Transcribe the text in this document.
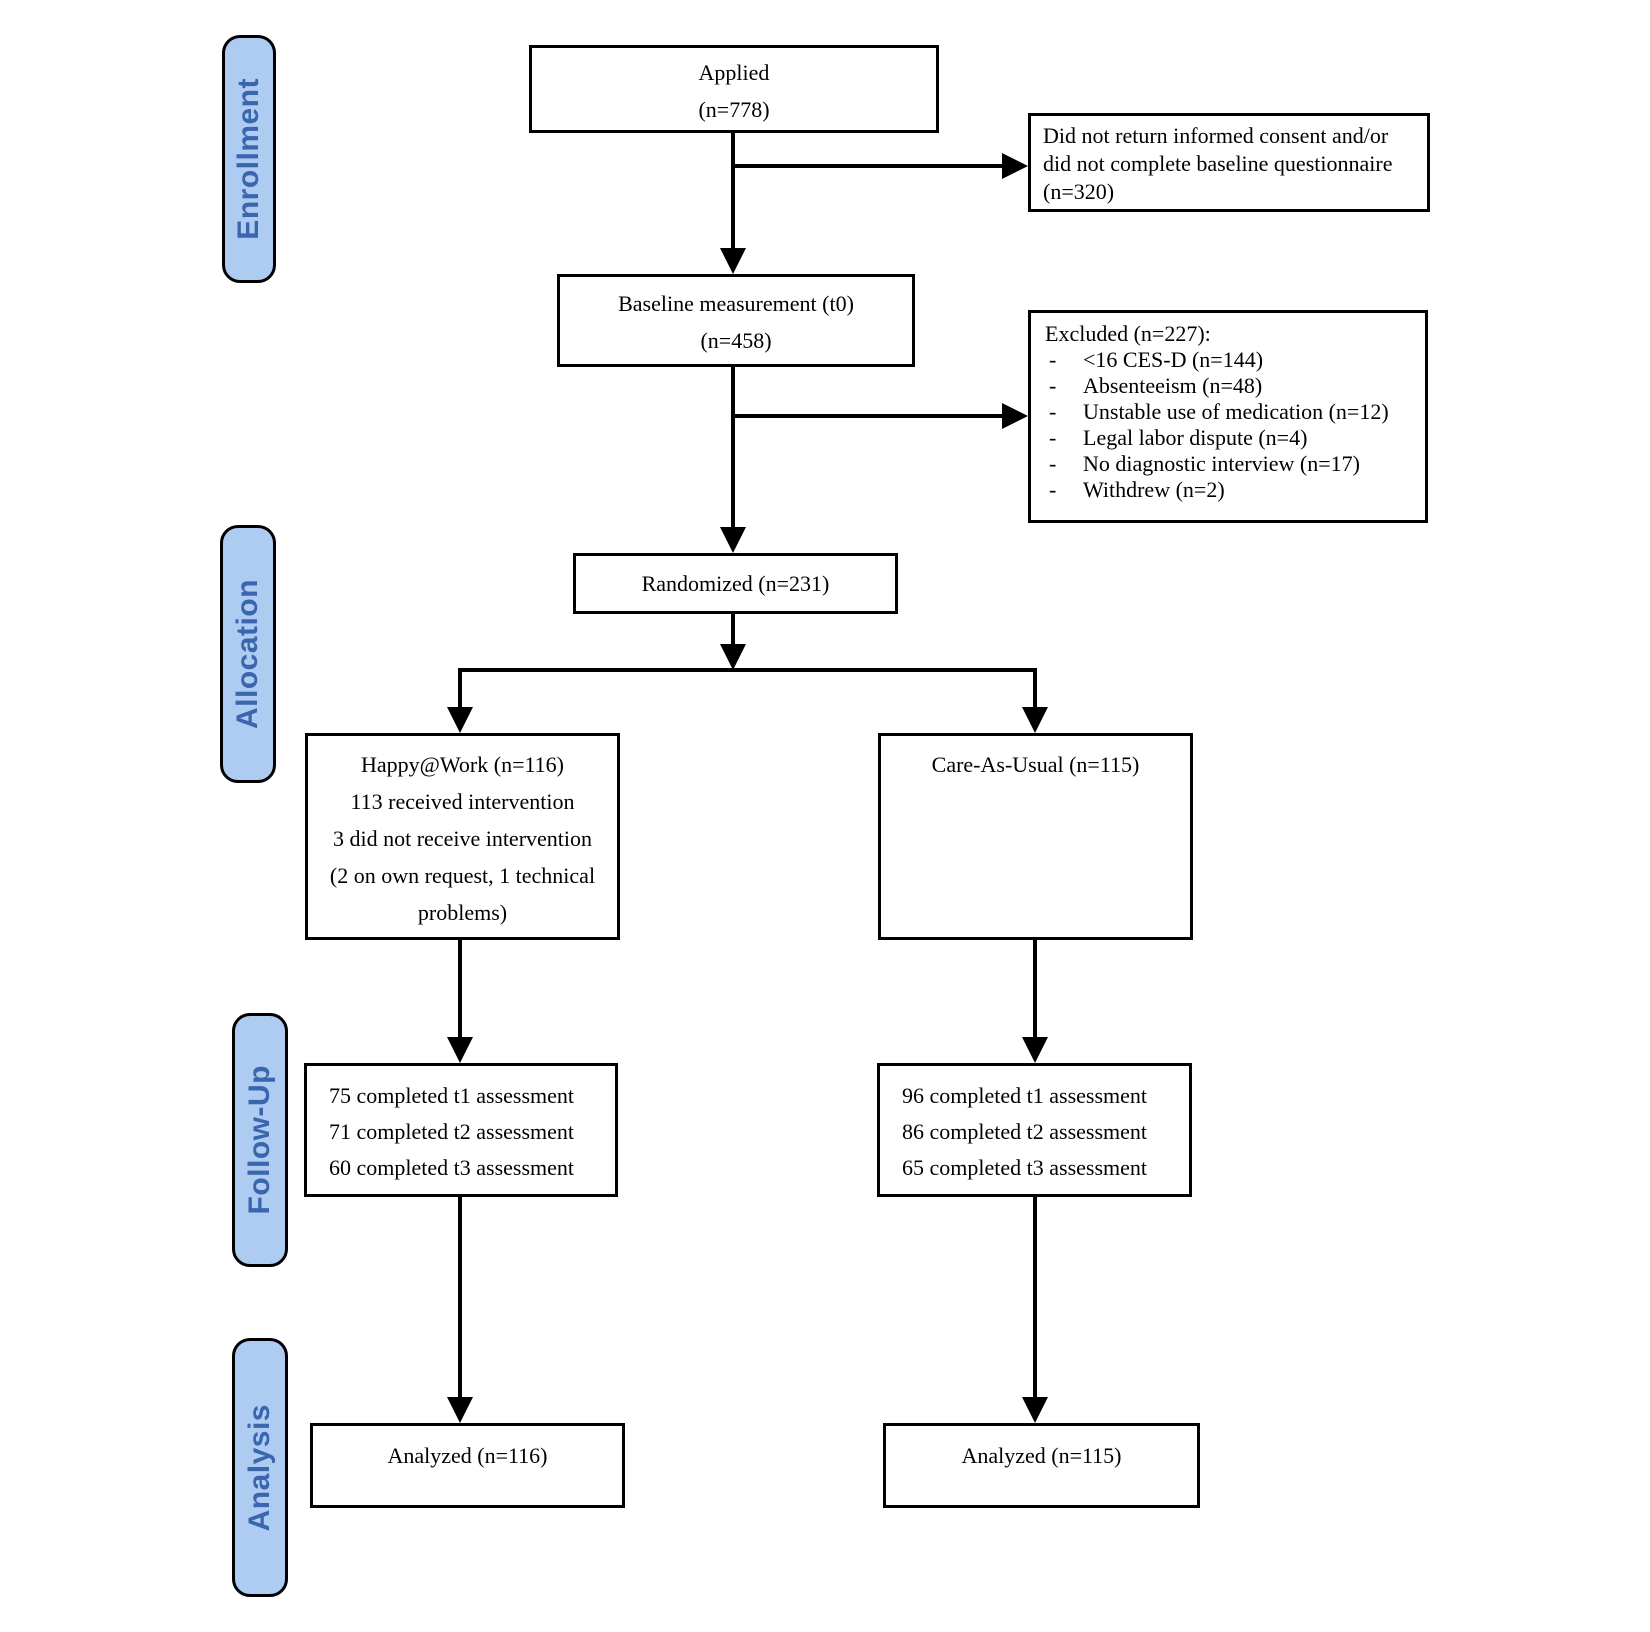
Enrollment
Allocation
Follow-Up
Analysis
Applied
(n=778)
Did not return informed consent and/or
did not complete baseline questionnaire
(n=320)
Baseline measurement (t0)
(n=458)	Excluded (n=227):
-	<16 CES-D (n=144)
-	Absenteeism (n=48)
-	Unstable use of medication (n=12)
-	Legal labor dispute (n=4)
-	No diagnostic interview (n=17)
-	Withdrew (n=2)
Randomized (n=231)
Happy@Work (n=116)
113 received intervention
3 did not receive intervention
(2 on own request, 1 technical
problems)
Care-As-Usual (n=115)
75 completed t1 assessment
71 completed t2 assessment
60 completed t3 assessment
96 completed t1 assessment
86 completed t2 assessment
65 completed t3 assessment
Analyzed (n=116)	Analyzed (n=115)
